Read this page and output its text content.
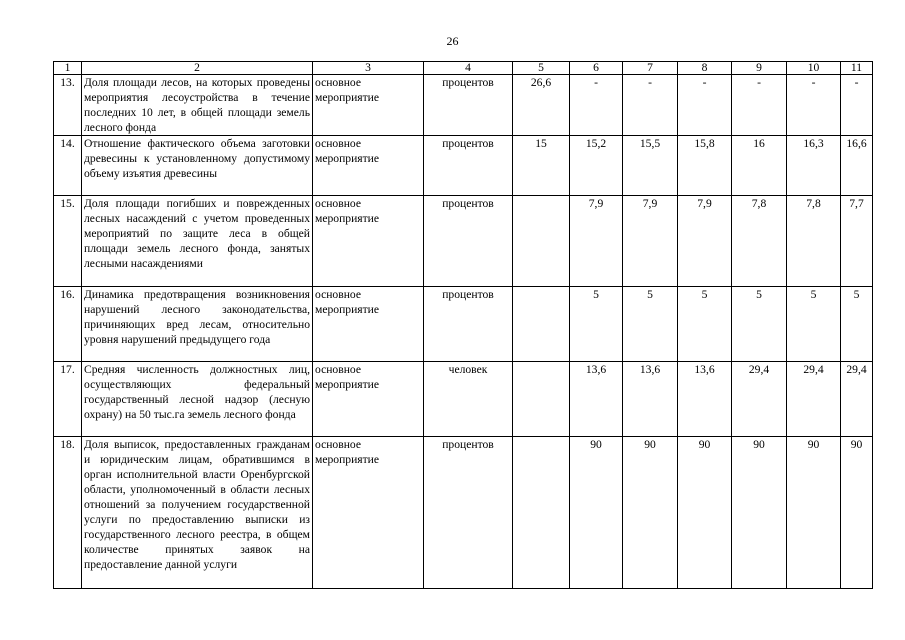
26
1	2	3	4	5	6	7	8	9	10	11
13.	Доля площади лесов, на которых проведены мероприятия лесоустройства в течение последних 10 лет, в общей площади земель лесного фонда	основное мероприятие	процентов	26,6	-	-	-	-	-	-
14.	Отношение фактического объема заготовки древесины к установленному допустимому объему изъятия древесины	основное мероприятие	процентов	15	15,2	15,5	15,8	16	16,3	16,6
15.	Доля площади погибших и поврежденных лесных насаждений с учетом проведенных мероприятий по защите леса в общей площади земель лесного фонда, занятых лесными насаждениями	основное мероприятие	процентов		7,9	7,9	7,9	7,8	7,8	7,7
16.	Динамика предотвращения возникновения нарушений лесного законодательства, причиняющих вред лесам, относительно уровня нарушений предыдущего года	основное мероприятие	процентов		5	5	5	5	5	5
17.	Средняя численность должностных лиц, осуществляющих федеральный государственный лесной надзор (лесную охрану) на 50 тыс.га земель лесного фонда	основное мероприятие	человек		13,6	13,6	13,6	29,4	29,4	29,4
18.	Доля выписок, предоставленных гражданам и юридическим лицам, обратившимся в орган исполнительной власти Оренбургской области, уполномоченный в области лесных отношений за получением государственной услуги по предоставлению выписки из государственного лесного реестра, в общем количестве принятых заявок на предоставление данной услуги	основное мероприятие	процентов		90	90	90	90	90	90
